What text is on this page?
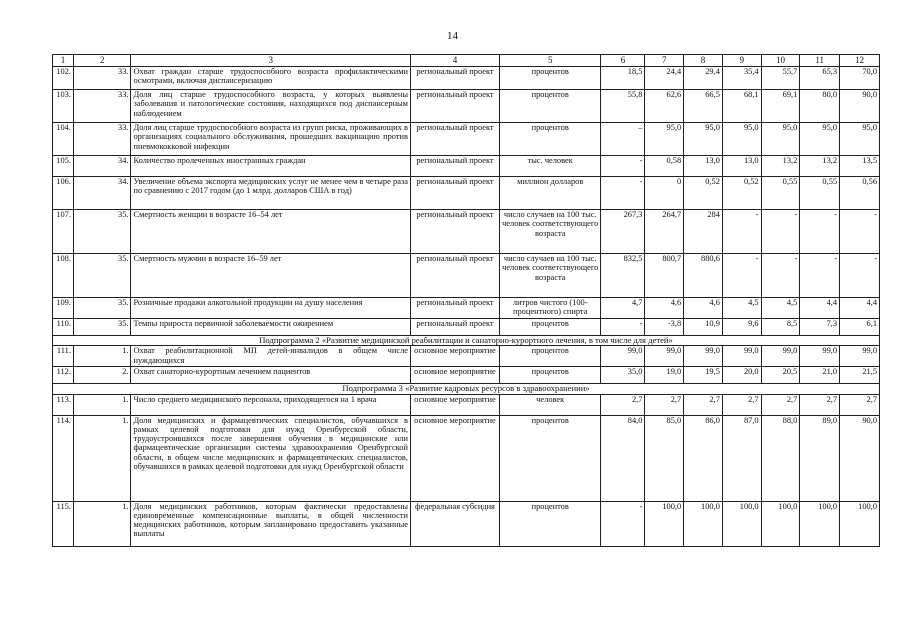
14
1	2	3	4	5	6	7	8	9	10	11	12
102.	33.	Охват граждан старше трудоспособного возраста профилактическими осмотрами, включая диспансеризацию	региональный проект	процентов	18,5	24,4	29,4	35,4	55,7	65,3	70,0
103.	33.	Доля лиц старше трудоспособного возраста, у которых выявлены заболевания и патологические состояния, находящихся под диспансерным наблюдением	региональный проект	процентов	55,8	62,6	66,5	68,1	69,1	80,0	90,0
104.	33.	Доля лиц старше трудоспособного возраста из групп риска, проживающих в организациях социального обслуживания, прошедших вакцинацию против пневмококковой инфекции	региональный проект	процентов	–	95,0	95,0	95,0	95,0	95,0	95,0
105.	34.	Количество пролеченных иностранных граждан	региональный проект	тыс. человек	-	0,58	13,0	13,0	13,2	13,2	13,5
106.	34.	Увеличение объема экспорта медицинских услуг не менее чем в четыре раза по сравнению с 2017 годом (до 1 млрд. долларов США в год)	региональный проект	миллион долларов	-	0	0,52	0,52	0,55	0,55	0,56
107.	35.	Смертность женщин в возрасте 16–54 лет	региональный проект	число случаев на 100 тыс. человек соответствующего возраста	267,3	264,7	284	-	-	-	-
108.	35.	Смертность мужчин в возрасте 16–59 лет	региональный проект	число случаев на 100 тыс. человек соответствующего возраста	832,5	800,7	880,6	-	-	-	-
109.	35.	Розничные продажи алкогольной продукции на душу населения	региональный проект	литров чистого (100-процентного) спирта	4,7	4,6	4,6	4,5	4,5	4,4	4,4
110.	35.	Темпы прироста первичной заболеваемости ожирением	региональный проект	процентов	-	-3,8	10,9	9,6	8,5	7,3	6,1
Подпрограмма 2 «Развитие медицинской реабилитации и санаторно-курортного лечения, в том числе для детей»											
111.	1.	Охват реабилитационной МП детей-инвалидов в общем числе нуждающихся	основное мероприятие	процентов	99,0	99,0	99,0	99,0	99,0	99,0	99,0
112.	2.	Охват санаторно-курортным лечением пациентов	основное мероприятие	процентов	35,0	19,0	19,5	20,0	20,5	21,0	21,5
Подпрограмма 3 «Развитие кадровых ресурсов в здравоохранении»											
113.	1.	Число среднего медицинского персонала, приходящегося на 1 врача	основное мероприятие	человек	2,7	2,7	2,7	2,7	2,7	2,7	2,7
114.	1.	Доля медицинских и фармацевтических специалистов, обучавшихся в рамках целевой подготовки для нужд Оренбургской области, трудоустроившихся после завершения обучения в медицинские или фармацевтические организации системы здравоохранения Оренбургской области, в общем числе медицинских и фармацевтических специалистов, обучавшихся в рамках целевой подготовки для нужд Оренбургской области	основное мероприятие	процентов	84,0	85,0	86,0	87,0	88,0	89,0	90,0
115.	1.	Доля медицинских работников, которым фактически предоставлены единовременные компенсационные выплаты, в общей численности медицинских работников, которым запланировано предоставить указанные выплаты	федеральная субсидия	процентов	-	100,0	100,0	100,0	100,0	100,0	100,0
